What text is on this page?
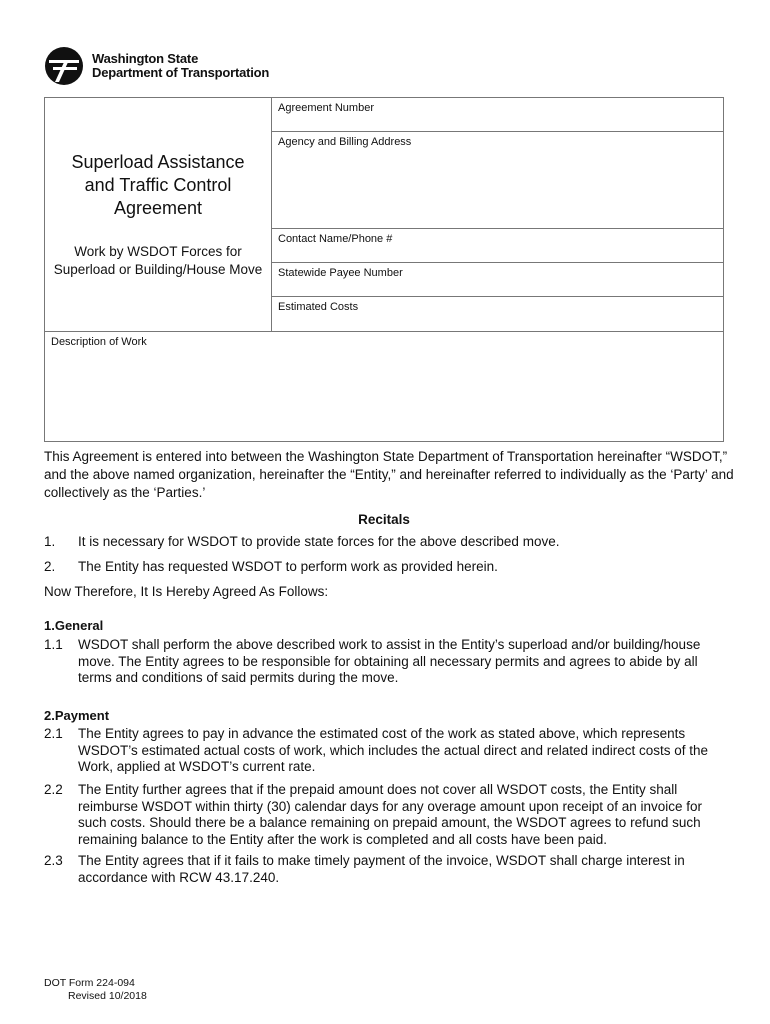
Washington State
Department of Transportation
Superload Assistance
and Traffic Control
Agreement
Work by WSDOT Forces for
Superload or Building/House Move
Agreement Number
Agency and Billing Address
Contact Name/Phone #
Statewide Payee Number
Estimated Costs
Description of Work
This Agreement is entered into between the Washington State Department of Transportation hereinafter “WSDOT,” and the above named organization, hereinafter the “Entity,” and hereinafter referred to individually as the ‘Party’ and collectively as the ‘Parties.’
Recitals
1. It is necessary for WSDOT to provide state forces for the above described move.
2. The Entity has requested WSDOT to perform work as provided herein.
Now Therefore, It Is Hereby Agreed As Follows:
1.General
1.1 WSDOT shall perform the above described work to assist in the Entity’s superload and/or building/house move. The Entity agrees to be responsible for obtaining all necessary permits and agrees to abide by all terms and conditions of said permits during the move.
2.Payment
2.1 The Entity agrees to pay in advance the estimated cost of the work as stated above, which represents WSDOT’s estimated actual costs of work, which includes the actual direct and related indirect costs of the Work, applied at WSDOT’s current rate.
2.2 The Entity further agrees that if the prepaid amount does not cover all WSDOT costs, the Entity shall reimburse WSDOT within thirty (30) calendar days for any overage amount upon receipt of an invoice for such costs. Should there be a balance remaining on prepaid amount, the WSDOT agrees to refund such remaining balance to the Entity after the work is completed and all costs have been paid.
2.3 The Entity agrees that if it fails to make timely payment of the invoice, WSDOT shall charge interest in accordance with RCW 43.17.240.
DOT Form 224-094
Revised 10/2018
